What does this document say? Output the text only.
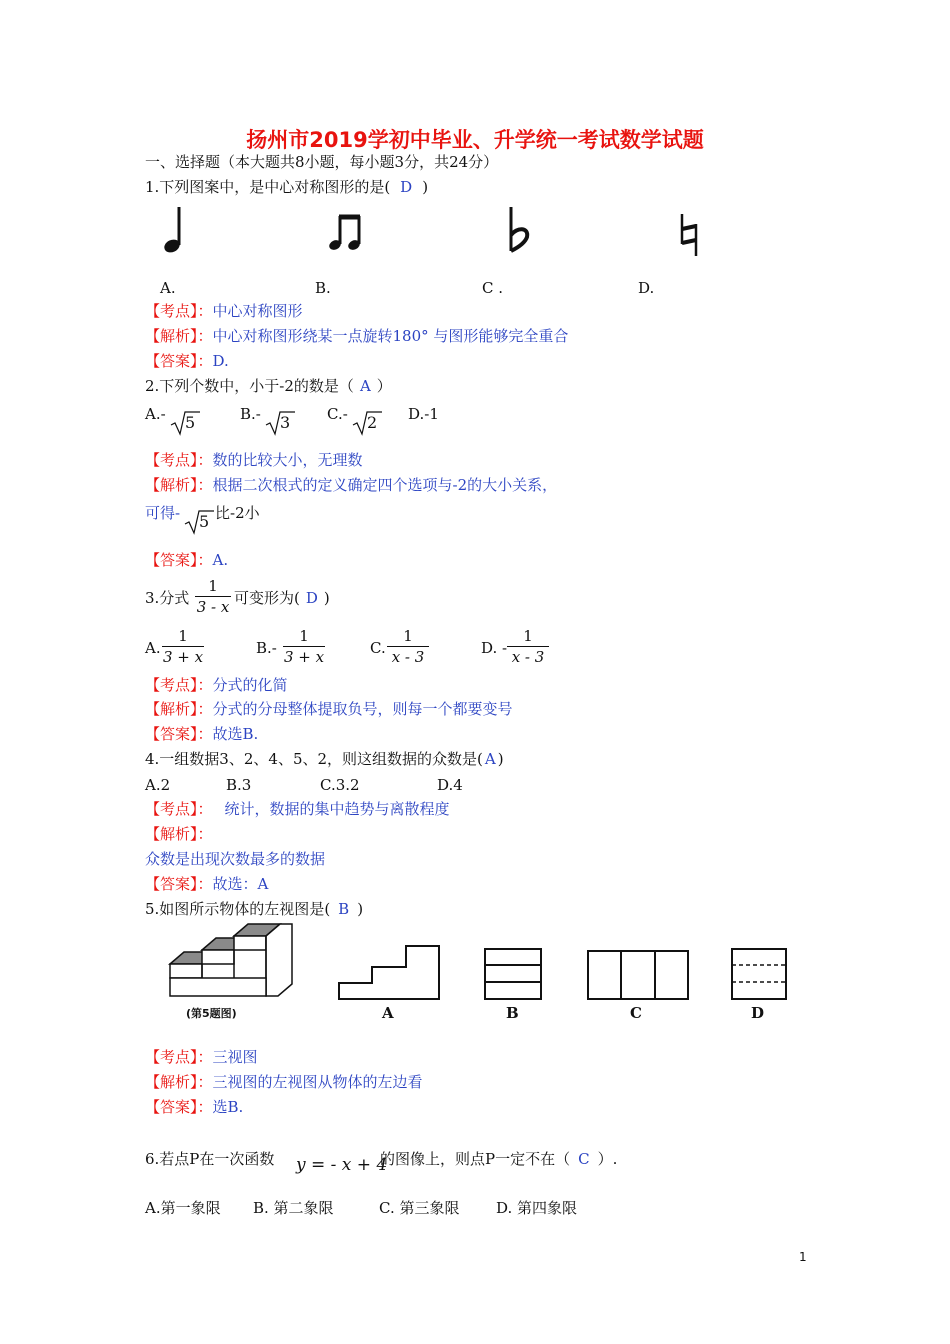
扬州市2019学初中毕业、升学统一考试数学试题
一、选择题（本大题共8小题，每小题3分，共24分）
1.下列图案中，是中心对称图形的是( D )
A.	B.	C .	D.
【考点】：中心对称图形
【解析】：中心对称图形绕某一点旋转180° 与图形能够完全重合
【答案】：D.
2.下列个数中，小于-2的数是（ A ）
A.- 5	B.- 3 C.- 2 D.-1
【考点】：数的比较大小，无理数
【解析】：根据二次根式的定义确定四个选项与-2的大小关系，
可得- 5 比-2小
【答案】：A.
3.分式
1
3 - x 可变形为( D )
A.
1
3 + x	B.-
1
3 + x	C.
1
x - 3	D. -
1
x - 3
【考点】：分式的化简
【解析】：分式的分母整体提取负号，则每一个都要变号
【答案】：故选B.
4.一组数据3、2、4、5、2，则这组数据的众数是( A )
A.2	B.3	C.3.2	D.4
【考点】： 统计，数据的集中趋势与离散程度
【解析】：
众数是出现次数最多的数据
【答案】：故选：A
5.如图所示物体的左视图是( B )
(第5题图)	A	B	C	D
【考点】：三视图
【解析】：三视图的左视图从物体的左边看
【答案】：选B.
6.若点P在一次函数 y = - x + 4
的图像上，则点P一定不在（ C ）.
A.第一象限 B. 第二象限	C. 第三象限 D. 第四象限
1
